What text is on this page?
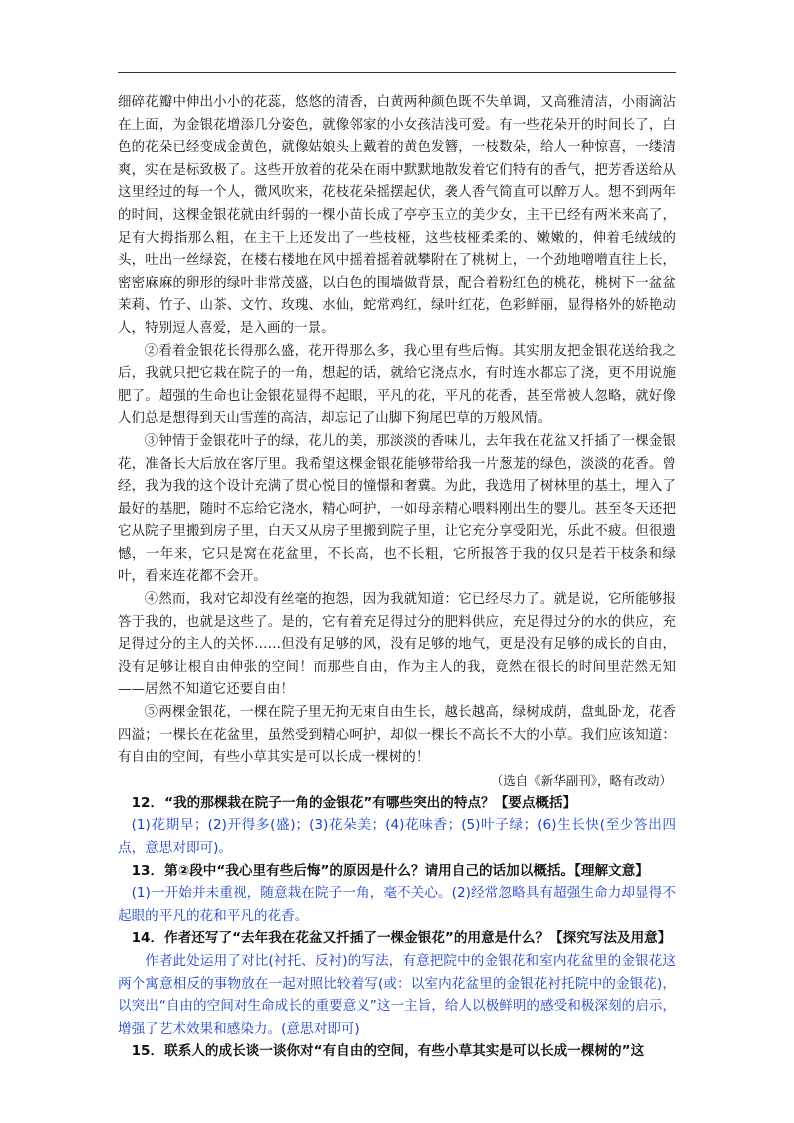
细碎花瓣中伸出小小的花蕊，悠悠的清香，白黄两种颜色既不失单调，又高雅清洁，小雨滴沾在上面，为金银花增添几分姿色，就像邻家的小女孩洁浅可爱。有一些花朵开的时间长了，白色的花朵已经变成金黄色，就像姑娘头上戴着的黄色发簪，一枝数朵，给人一种惊喜，一缕清爽，实在是标致极了。这些开放着的花朵在雨中默默地散发着它们特有的香气，把芳香送给从这里经过的每一个人，微风吹来，花枝花朵摇摆起伏，袭人香气简直可以醉万人。想不到两年的时间，这棵金银花就由纤弱的一棵小苗长成了亭亭玉立的美少女，主干已经有两米来高了，足有大拇指那么粗，在主干上还发出了一些枝桠，这些枝桠柔柔的、嫩嫩的，伸着毛绒绒的头，吐出一丝绿瓷，在楼右楼地在风中摇着摇着就攀附在了桃树上，一个劲地噌噌直往上长，密密麻麻的卵形的绿叶非常茂盛，以白色的围墙做背景，配合着粉红色的桃花，桃树下一盆盆茉莉、竹子、山茶、文竹、玫瑰、水仙，蛇常鸡红，绿叶红花，色彩鲜丽，显得格外的娇艳动人，特别逗人喜爱，是入画的一景。

②看着金银花长得那么盛，花开得那么多，我心里有些后悔。其实朋友把金银花送给我之后，我就只把它栽在院子的一角，想起的话，就给它浇点水，有时连水都忘了浇，更不用说施肥了。超强的生命也让金银花显得不起眼，平凡的花，平凡的花香，甚至常被人忽略，就好像人们总是想得到天山雪莲的高洁，却忘记了山脚下狗尾巴草的万般风情。

③钟情于金银花叶子的绿，花儿的美，那淡淡的香味儿，去年我在花盆又扦插了一棵金银花，准备长大后放在客厅里。我希望这棵金银花能够带给我一片葱茏的绿色，淡淡的花香。曾经，我为我的这个设计充满了贯心悦目的憧憬和奢冀。为此，我选用了树林里的基土，埋入了最好的基肥，随时不忘给它浇水，精心呵护，一如母亲精心喂料刚出生的婴儿。甚至冬天还把它从院子里搬到房子里，白天又从房子里搬到院子里，让它充分享受阳光，乐此不疲。但很遗憾，一年来，它只是窝在花盆里，不长高，也不长粗，它所报答于我的仅只是若干枝条和绿叶，看来连花都不会开。

④然而，我对它却没有丝毫的抱怨，因为我就知道：它已经尽力了。就是说，它所能够报答于我的，也就是这些了。是的，它有着充足得过分的肥料供应，充足得过分的水的供应，充足得过分的主人的关怀……但没有足够的风，没有足够的地气，更是没有足够的成长的自由，没有足够让根自由伸张的空间！而那些自由，作为主人的我，竟然在很长的时间里茫然无知——居然不知道它还要自由！

⑤两棵金银花，一棵在院子里无拘无束自由生长，越长越高，绿树成荫，盘虬卧龙，花香四溢；一棵长在花盆里，虽然受到精心呵护，却似一棵长不高长不大的小草。我们应该知道：有自由的空间，有些小草其实是可以长成一棵树的！

（选自《新华副刊》，略有改动）

12．“我的那棵栽在院子一角的金银花”有哪些突出的特点？【要点概括】

(1)花期早；(2)开得多(盛)；(3)花朵美；(4)花味香；(5)叶子绿；(6)生长快(至少答出四点，意思对即可)。

13．第②段中“我心里有些后悔”的原因是什么？请用自己的话加以概括。【理解文意】

(1)一开始并未重视，随意栽在院子一角，毫不关心。(2)经常忽略具有超强生命力却显得不起眼的平凡的花和平凡的花香。

14．作者还写了“去年我在花盆又扦插了一棵金银花”的用意是什么？【探究写法及用意】

作者此处运用了对比(衬托、反衬)的写法，有意把院中的金银花和室内花盆里的金银花这两个寓意相反的事物放在一起对照比较着写(或：以室内花盆里的金银花衬托院中的金银花)，以突出“自由的空间对生命成长的重要意义”这一主旨，给人以极鲜明的感受和极深刻的启示，增强了艺术效果和感染力。(意思对即可)

15．联系人的成长谈一谈你对“有自由的空间，有些小草其实是可以长成一棵树的”这
